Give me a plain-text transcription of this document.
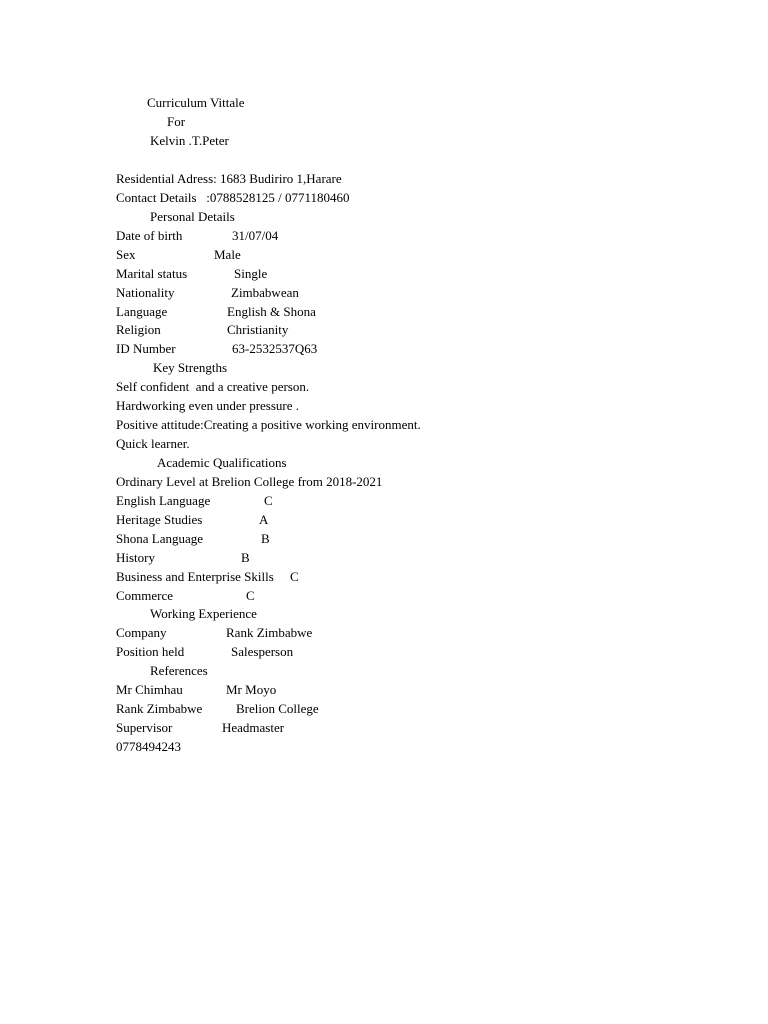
Curriculum Vittale
For
Kelvin .T.Peter
Residential Adress: 1683 Budiriro 1,Harare
Contact Details   :0788528125 / 0771180460
Personal Details
Date of birth	31/07/04
Sex	Male
Marital status	Single
Nationality	Zimbabwean
Language	English & Shona
Religion	Christianity
ID Number	63-2532537Q63
Key Strengths
Self confident  and a creative person.
Hardworking even under pressure .
Positive attitude:Creating a positive working environment.
Quick learner.
Academic Qualifications
Ordinary Level at Brelion College from 2018-2021
English Language	C
Heritage Studies	A
Shona Language	B
History	B
Business and Enterprise Skills C
Commerce	C
Working Experience
Company	Rank Zimbabwe
Position held	Salesperson
References
Mr Chimhau	Mr Moyo
Rank Zimbabwe	Brelion College
Supervisor	Headmaster
0778494243
